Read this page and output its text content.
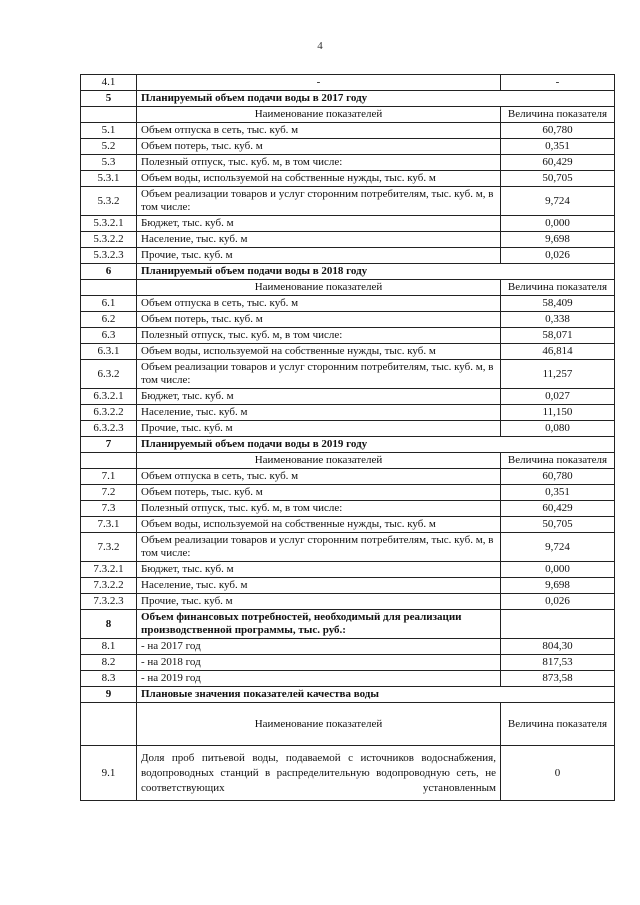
4
4.1	-	-
5	Планируемый объем подачи воды в 2017 году	
	Наименование показателей	Величина показателя
5.1	Объем отпуска в сеть, тыс. куб. м	60,780
5.2	Объем потерь, тыс. куб. м	0,351
5.3	Полезный отпуск, тыс. куб. м, в том числе:	60,429
5.3.1	Объем воды, используемой на собственные нужды, тыс. куб. м	50,705
5.3.2	Объем реализации товаров и услуг сторонним потребителям, тыс. куб. м, в том числе:	9,724
5.3.2.1	Бюджет, тыс. куб. м	0,000
5.3.2.2	Население, тыс. куб. м	9,698
5.3.2.3	Прочие, тыс. куб. м	0,026
6	Планируемый объем подачи воды в 2018 году	
	Наименование показателей	Величина показателя
6.1	Объем отпуска в сеть, тыс. куб. м	58,409
6.2	Объем потерь, тыс. куб. м	0,338
6.3	Полезный отпуск, тыс. куб. м, в том числе:	58,071
6.3.1	Объем воды, используемой на собственные нужды, тыс. куб. м	46,814
6.3.2	Объем реализации товаров и услуг сторонним потребителям, тыс. куб. м, в том числе:	11,257
6.3.2.1	Бюджет, тыс. куб. м	0,027
6.3.2.2	Население, тыс. куб. м	11,150
6.3.2.3	Прочие, тыс. куб. м	0,080
7	Планируемый объем подачи воды в 2019 году	
	Наименование показателей	Величина показателя
7.1	Объем отпуска в сеть, тыс. куб. м	60,780
7.2	Объем потерь, тыс. куб. м	0,351
7.3	Полезный отпуск, тыс. куб. м, в том числе:	60,429
7.3.1	Объем воды, используемой на собственные нужды, тыс. куб. м	50,705
7.3.2	Объем реализации товаров и услуг сторонним потребителям, тыс. куб. м, в том числе:	9,724
7.3.2.1	Бюджет, тыс. куб. м	0,000
7.3.2.2	Население, тыс. куб. м	9,698
7.3.2.3	Прочие, тыс. куб. м	0,026
8	Объем финансовых потребностей, необходимый для реализации производственной программы, тыс. руб.:	
8.1	- на 2017 год	804,30
8.2	- на 2018 год	817,53
8.3	- на 2019 год	873,58
9	Плановые значения показателей качества воды	
	Наименование показателей	Величина показателя
9.1	Доля проб питьевой воды, подаваемой с источников водоснабжения, водопроводных станций в распределительную водопроводную сеть, не соответствующих установленным	0
